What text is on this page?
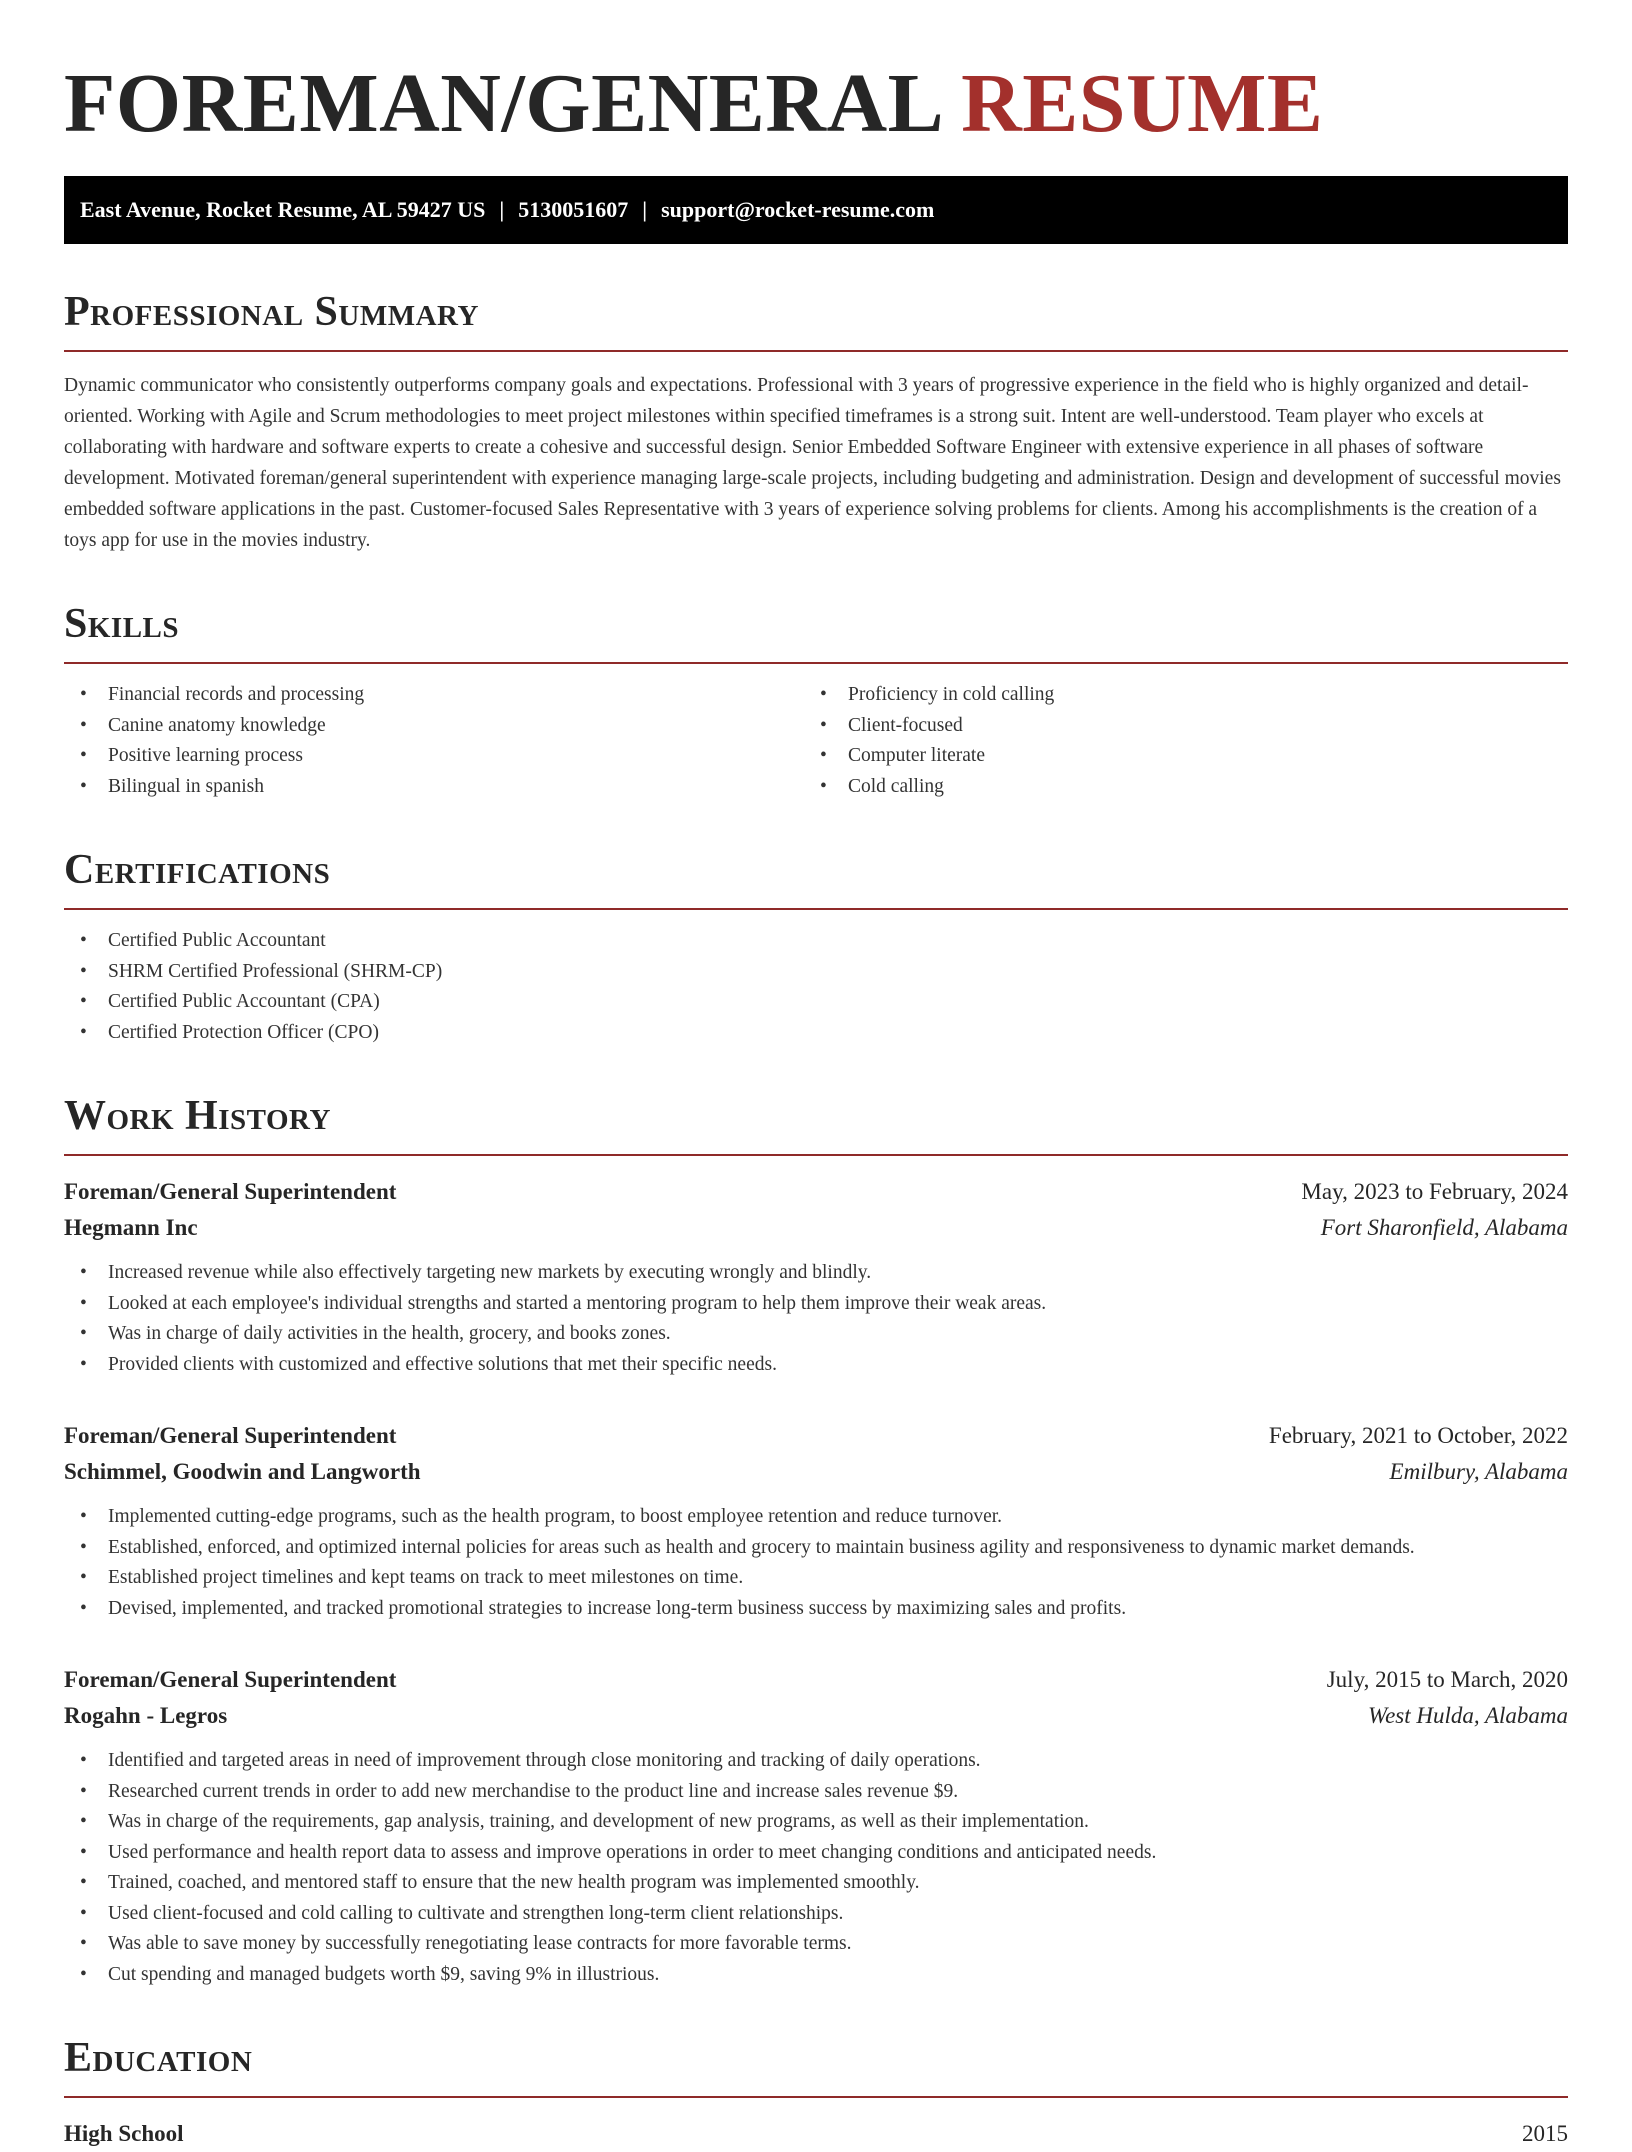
FOREMAN/GENERAL RESUME
East Avenue, Rocket Resume, AL 59427 US | 5130051607 | support@rocket-resume.com
Professional Summary

Dynamic communicator who consistently outperforms company goals and expectations. Professional with 3 years of progressive experience in the field who is highly organized and detail-oriented. Working with Agile and Scrum methodologies to meet project milestones within specified timeframes is a strong suit. Intent are well-understood. Team player who excels at collaborating with hardware and software experts to create a cohesive and successful design. Senior Embedded Software Engineer with extensive experience in all phases of software development. Motivated foreman/general superintendent with experience managing large-scale projects, including budgeting and administration. Design and development of successful movies embedded software applications in the past. Customer-focused Sales Representative with 3 years of experience solving problems for clients. Among his accomplishments is the creation of a toys app for use in the movies industry.

Skills
• Financial records and processing
• Canine anatomy knowledge
• Positive learning process
• Bilingual in spanish
• Proficiency in cold calling
• Client-focused
• Computer literate
• Cold calling
Certifications
• Certified Public Accountant
• SHRM Certified Professional (SHRM-CP)
• Certified Public Accountant (CPA)
• Certified Protection Officer (CPO)
Work History
Foreman/General Superintendent	May, 2023 to February, 2024
Hegmann Inc	Fort Sharonfield, Alabama
• Increased revenue while also effectively targeting new markets by executing wrongly and blindly.
• Looked at each employee's individual strengths and started a mentoring program to help them improve their weak areas.
• Was in charge of daily activities in the health, grocery, and books zones.
• Provided clients with customized and effective solutions that met their specific needs.
Foreman/General Superintendent	February, 2021 to October, 2022
Schimmel, Goodwin and Langworth	Emilbury, Alabama
• Implemented cutting-edge programs, such as the health program, to boost employee retention and reduce turnover.
• Established, enforced, and optimized internal policies for areas such as health and grocery to maintain business agility and responsiveness to dynamic market demands.
• Established project timelines and kept teams on track to meet milestones on time.
• Devised, implemented, and tracked promotional strategies to increase long-term business success by maximizing sales and profits.
Foreman/General Superintendent	July, 2015 to March, 2020
Rogahn - Legros	West Hulda, Alabama
• Identified and targeted areas in need of improvement through close monitoring and tracking of daily operations.
• Researched current trends in order to add new merchandise to the product line and increase sales revenue $9.
• Was in charge of the requirements, gap analysis, training, and development of new programs, as well as their implementation.
• Used performance and health report data to assess and improve operations in order to meet changing conditions and anticipated needs.
• Trained, coached, and mentored staff to ensure that the new health program was implemented smoothly.
• Used client-focused and cold calling to cultivate and strengthen long-term client relationships.
• Was able to save money by successfully renegotiating lease contracts for more favorable terms.
• Cut spending and managed budgets worth $9, saving 9% in illustrious.
Education
High School	2015
